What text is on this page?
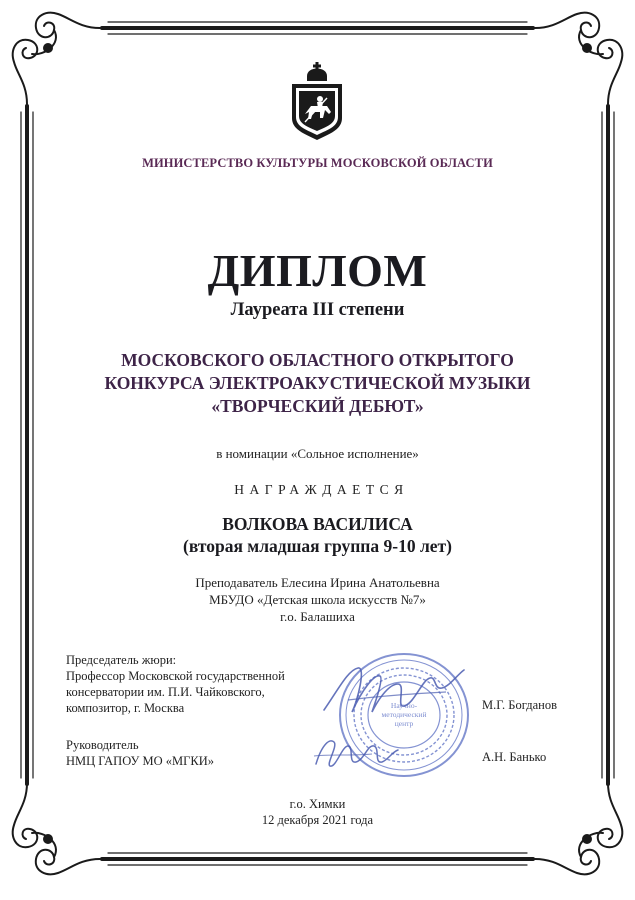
МИНИСТЕРСТВО КУЛЬТУРЫ МОСКОВСКОЙ ОБЛАСТИ
ДИПЛОМ
Лауреата III степени
МОСКОВСКОГО ОБЛАСТНОГО ОТКРЫТОГО
КОНКУРСА ЭЛЕКТРОАКУСТИЧЕСКОЙ МУЗЫКИ
«ТВОРЧЕСКИЙ ДЕБЮТ»
в номинации «Сольное исполнение»
НАГРАЖДАЕТСЯ
ВОЛКОВА ВАСИЛИСА
(вторая младшая группа 9-10 лет)
Преподаватель Елесина Ирина Анатольевна
МБУДО «Детская школа искусств №7»
г.о. Балашиха
Научно-
методический
центр
Председатель жюри:
Профессор Московской государственной
консерватории им. П.И. Чайковского,
композитор, г. Москва	М.Г. Богданов
Руководитель
НМЦ ГАПОУ МО «МГКИ»	А.Н. Банько
г.о. Химки
12 декабря 2021 года
